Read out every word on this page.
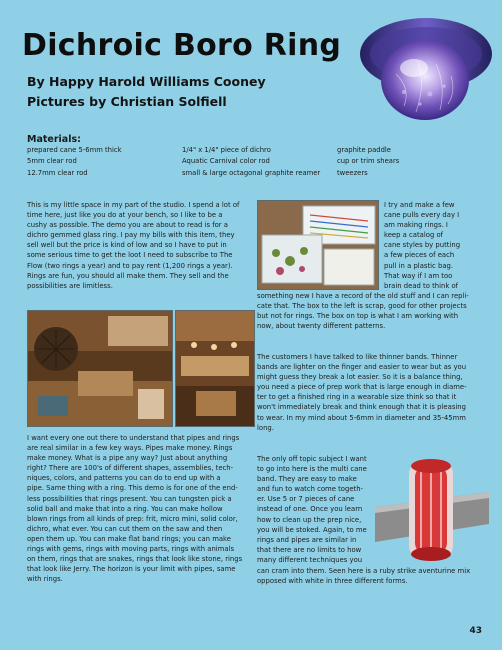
Dichroic Boro Ring
By Happy Harold Williams Cooney
Pictures by Christian Solfiell
Materials:
prepared cane 5-6mm thick
5mm clear rod
12.7mm clear rod
1/4" x 1/4" piece of dichro
Aquatic Carnival color rod
small & large octagonal graphite reamer
graphite paddle
cup or trim shears
tweezers

This is my little space in my part of the studio. I spend a lot of

time here, just like you do at your bench, so I like to be a

cushy as possible. The demo you are about to read is for a

dichro gemmed glass ring. I pay my bills with this item, they

sell well but the price is kind of low and so I have to put in

some serious time to get the loot I need to subscribe to The

Flow (two rings a year) and to pay rent (1,200 rings a year).

Rings are fun, you should all make them. They sell and the

possibilities are limitless.

I want every one out there to understand that pipes and rings

are real similar in a few key ways. Pipes make money. Rings

make money. What is a pipe any way? Just about anything

right? There are 100's of different shapes, assemblies, tech-

niques, colors, and patterns you can do to end up with a

pipe. Same thing with a ring. This demo is for one of the end-

less possibilities that rings present. You can tungsten pick a

solid ball and make that into a ring. You can make hollow

blown rings from all kinds of prep: frit, micro mini, solid color,

dichro, what ever. You can cut them on the saw and then

open them up. You can make flat band rings; you can make

rings with gems, rings with moving parts, rings with animals

on them, rings that are snakes, rings that look like stone, rings

that look like Jerry. The horizon is your limit with pipes, same

with rings.

I try and make a few

cane pulls every day I

am making rings. I

keep a catalog of

cane styles by putting

a few pieces of each

pull in a plastic bag.

That way if I am too

brain dead to think of

something new I have a record of the old stuff and I can repli-

cate that. The box to the left is scrap, good for other projects

but not for rings. The box on top is what I am working with

now, about twenty different patterns.

The customers I have talked to like thinner bands. Thinner

bands are lighter on the finger and easier to wear but as you

might guess they break a lot easier. So it is a balance thing,

you need a piece of prep work that is large enough in diame-

ter to get a finished ring in a wearable size think so that it

won't immediately break and think enough that it is pleasing

to wear. In my mind about 5-6mm in diameter and 35-45mm

long.

The only off topic subject I want

to go into here is the multi cane

band. They are easy to make

and fun to watch come togeth-

er. Use 5 or 7 pieces of cane

instead of one. Once you learn

how to clean up the prep nice,

you will be stoked. Again, to me

rings and pipes are similar in

that there are no limits to how

many different techniques you

can cram into them. Seen here is a ruby strike aventurine mix

opposed with white in three different forms.

43
